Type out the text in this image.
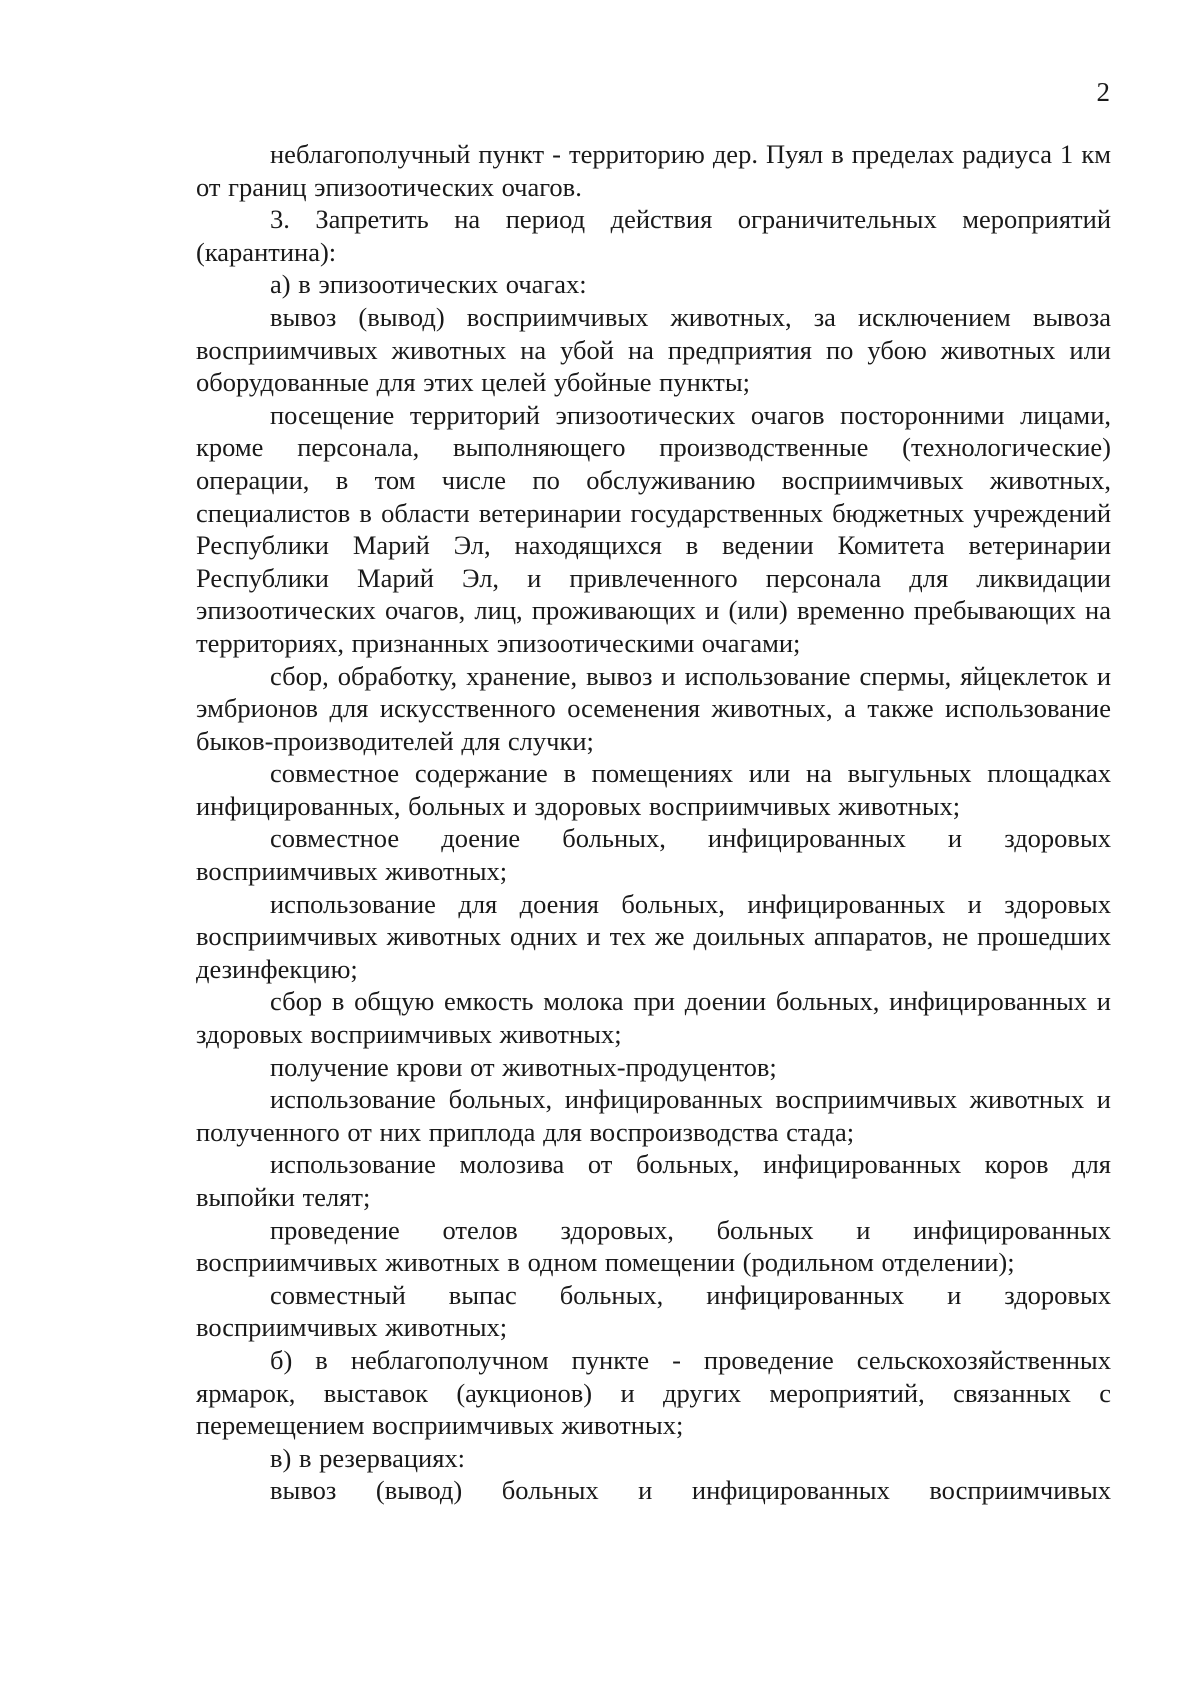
2

неблагополучный пункт - территорию дер. Пуял в пределах радиуса 1 км от границ эпизоотических очагов.

3. Запретить на период действия ограничительных мероприятий (карантина):

а) в эпизоотических очагах:

вывоз (вывод) восприимчивых животных, за исключением вывоза восприимчивых животных на убой на предприятия по убою животных или оборудованные для этих целей убойные пункты;

посещение территорий эпизоотических очагов посторонними лицами, кроме персонала, выполняющего производственные (технологические) операции, в том числе по обслуживанию восприимчивых животных, специалистов в области ветеринарии государственных бюджетных учреждений Республики Марий Эл, находящихся в ведении Комитета ветеринарии Республики Марий Эл, и привлеченного персонала для ликвидации эпизоотических очагов, лиц, проживающих и (или) временно пребывающих на территориях, признанных эпизоотическими очагами;

сбор, обработку, хранение, вывоз и использование спермы, яйцеклеток и эмбрионов для искусственного осеменения животных, а также использование быков-производителей для случки;

совместное содержание в помещениях или на выгульных площадках инфицированных, больных и здоровых восприимчивых животных;

совместное доение больных, инфицированных и здоровых восприимчивых животных;

использование для доения больных, инфицированных и здоровых восприимчивых животных одних и тех же доильных аппаратов, не прошедших дезинфекцию;

сбор в общую емкость молока при доении больных, инфицированных и здоровых восприимчивых животных;

получение крови от животных-продуцентов;

использование больных, инфицированных восприимчивых животных и полученного от них приплода для воспроизводства стада;

использование молозива от больных, инфицированных коров для выпойки телят;

проведение отелов здоровых, больных и инфицированных восприимчивых животных в одном помещении (родильном отделении);

совместный выпас больных, инфицированных и здоровых восприимчивых животных;

б) в неблагополучном пункте - проведение сельскохозяйственных ярмарок, выставок (аукционов) и других мероприятий, связанных с перемещением восприимчивых животных;

в) в резервациях:

вывоз (вывод) больных и инфицированных восприимчивых
